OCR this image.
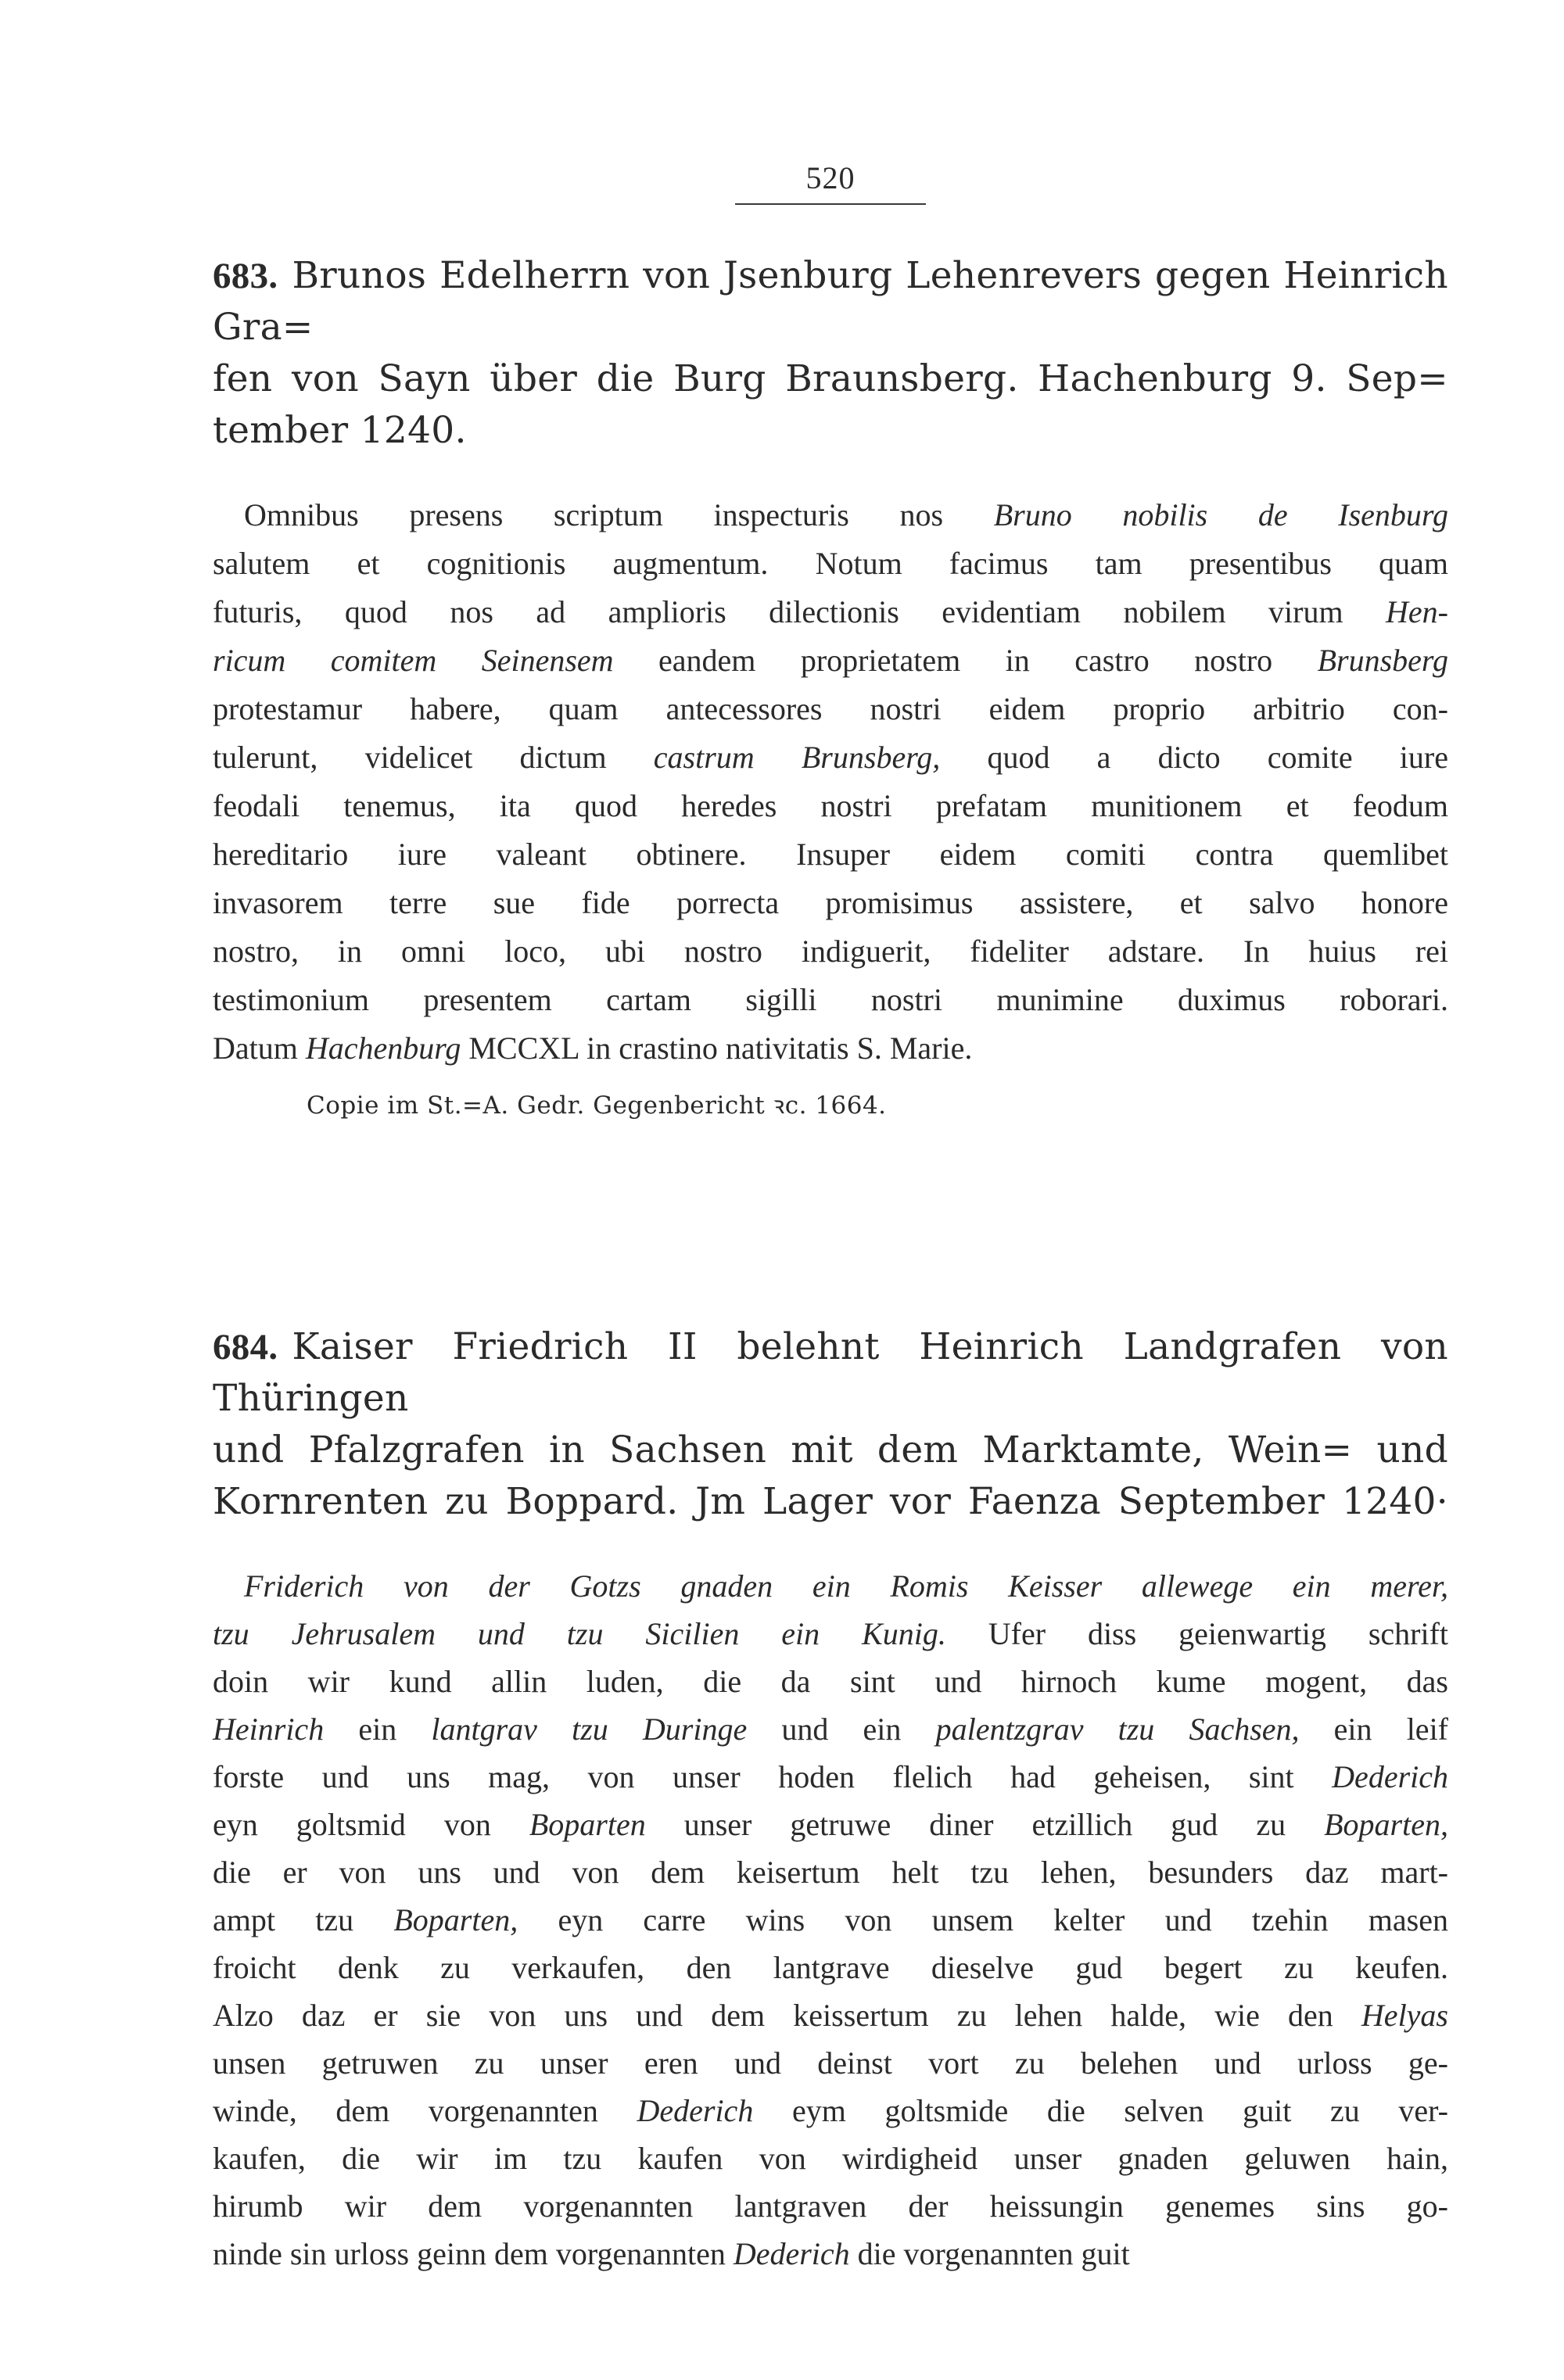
520
683. Brunos Edelherrn von Jsenburg Lehenrevers gegen Heinrich Gra=
fen von Sayn über die Burg Braunsberg. Hachenburg 9. Sep=
tember 1240.
Omnibus presens scriptum inspecturis nos Bruno nobilis de Isenburg
salutem et cognitionis augmentum. Notum facimus tam presentibus quam
futuris, quod nos ad amplioris dilectionis evidentiam nobilem virum Hen-
ricum comitem Seinensem eandem proprietatem in castro nostro Brunsberg
protestamur habere, quam antecessores nostri eidem proprio arbitrio con-
tulerunt, videlicet dictum castrum Brunsberg, quod a dicto comite iure
feodali tenemus, ita quod heredes nostri prefatam munitionem et feodum
hereditario iure valeant obtinere. Insuper eidem comiti contra quemlibet
invasorem terre sue fide porrecta promisimus assistere, et salvo honore
nostro, in omni loco, ubi nostro indiguerit, fideliter adstare. In huius rei
testimonium presentem cartam sigilli nostri munimine duximus roborari.
Datum Hachenburg MCCXL in crastino nativitatis S. Marie.
Copie im St.=A. Gedr. Gegenbericht ꝛc. 1664.
684. Kaiser Friedrich II belehnt Heinrich Landgrafen von Thüringen
und Pfalzgrafen in Sachsen mit dem Marktamte, Wein= und
Kornrenten zu Boppard. Jm Lager vor Faenza September 1240·
Friderich von der Gotzs gnaden ein Romis Keisser allewege ein merer,
tzu Jehrusalem und tzu Sicilien ein Kunig. Ufer diss geienwartig schrift
doin wir kund allin luden, die da sint und hirnoch kume mogent, das
Heinrich ein lantgrav tzu Duringe und ein palentzgrav tzu Sachsen, ein leif
forste und uns mag, von unser hoden flelich had geheisen, sint Dederich
eyn goltsmid von Boparten unser getruwe diner etzillich gud zu Boparten,
die er von uns und von dem keisertum helt tzu lehen, besunders daz mart-
ampt tzu Boparten, eyn carre wins von unsem kelter und tzehin masen
froicht denk zu verkaufen, den lantgrave dieselve gud begert zu keufen.
Alzo daz er sie von uns und dem keissertum zu lehen halde, wie den Helyas
unsen getruwen zu unser eren und deinst vort zu belehen und urloss ge-
winde, dem vorgenannten Dederich eym goltsmide die selven guit zu ver-
kaufen, die wir im tzu kaufen von wirdigheid unser gnaden geluwen hain,
hirumb wir dem vorgenannten lantgraven der heissungin genemes sins go-
ninde sin urloss geinn dem vorgenannten Dederich die vorgenannten guit
